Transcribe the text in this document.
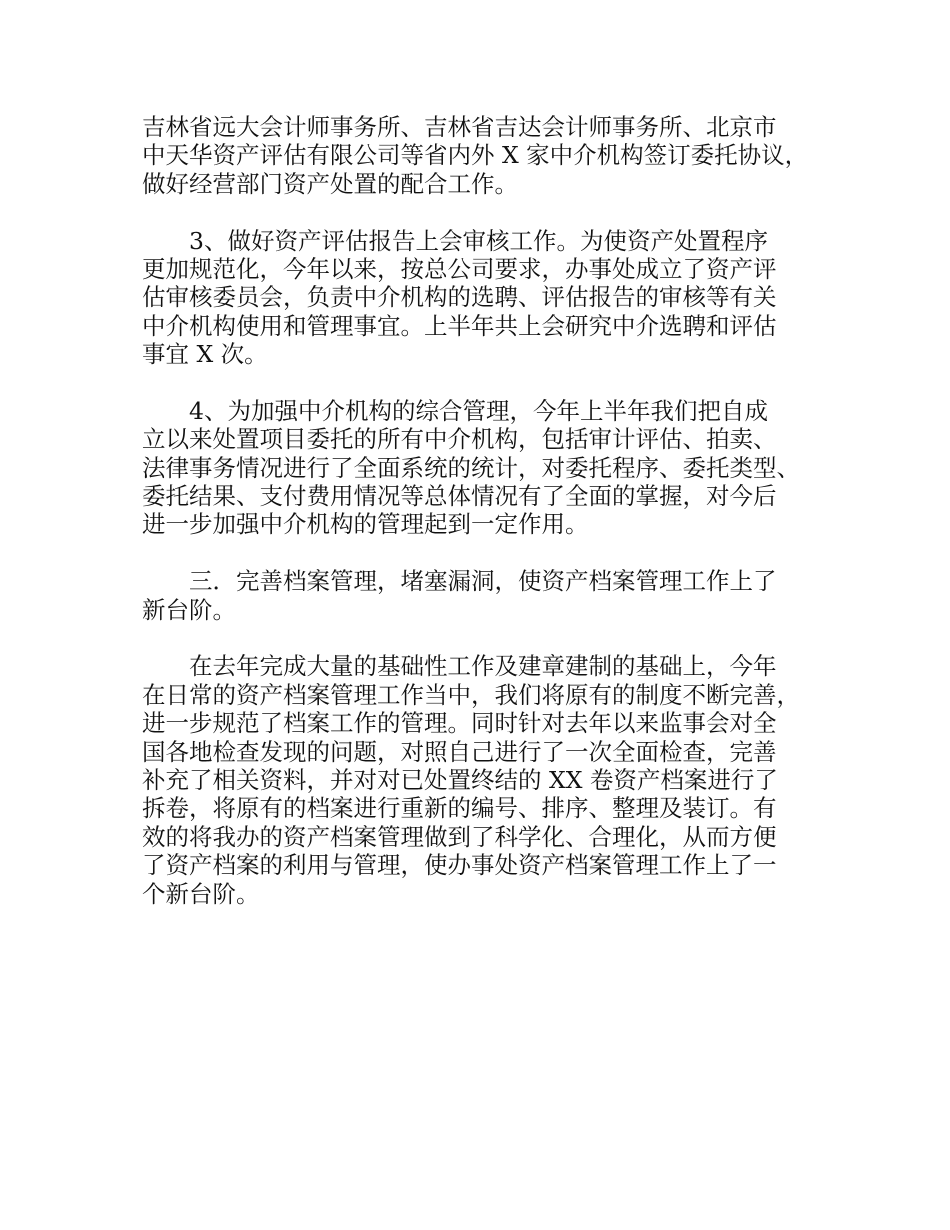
吉林省远大会计师事务所、吉林省吉达会计师事务所、北京市
中天华资产评估有限公司等省内外 X 家中介机构签订委托协议，
做好经营部门资产处置的配合工作。
3、做好资产评估报告上会审核工作。为使资产处置程序
更加规范化，今年以来，按总公司要求，办事处成立了资产评
估审核委员会，负责中介机构的选聘、评估报告的审核等有关
中介机构使用和管理事宜。上半年共上会研究中介选聘和评估
事宜 X 次。
4、为加强中介机构的综合管理，今年上半年我们把自成
立以来处置项目委托的所有中介机构，包括审计评估、拍卖、
法律事务情况进行了全面系统的统计，对委托程序、委托类型、
委托结果、支付费用情况等总体情况有了全面的掌握，对今后
进一步加强中介机构的管理起到一定作用。
三．完善档案管理，堵塞漏洞，使资产档案管理工作上了
新台阶。
在去年完成大量的基础性工作及建章建制的基础上，今年
在日常的资产档案管理工作当中，我们将原有的制度不断完善，
进一步规范了档案工作的管理。同时针对去年以来监事会对全
国各地检查发现的问题，对照自己进行了一次全面检查，完善
补充了相关资料，并对对已处置终结的 XX 卷资产档案进行了
拆卷，将原有的档案进行重新的编号、排序、整理及装订。有
效的将我办的资产档案管理做到了科学化、合理化，从而方便
了资产档案的利用与管理，使办事处资产档案管理工作上了一
个新台阶。
